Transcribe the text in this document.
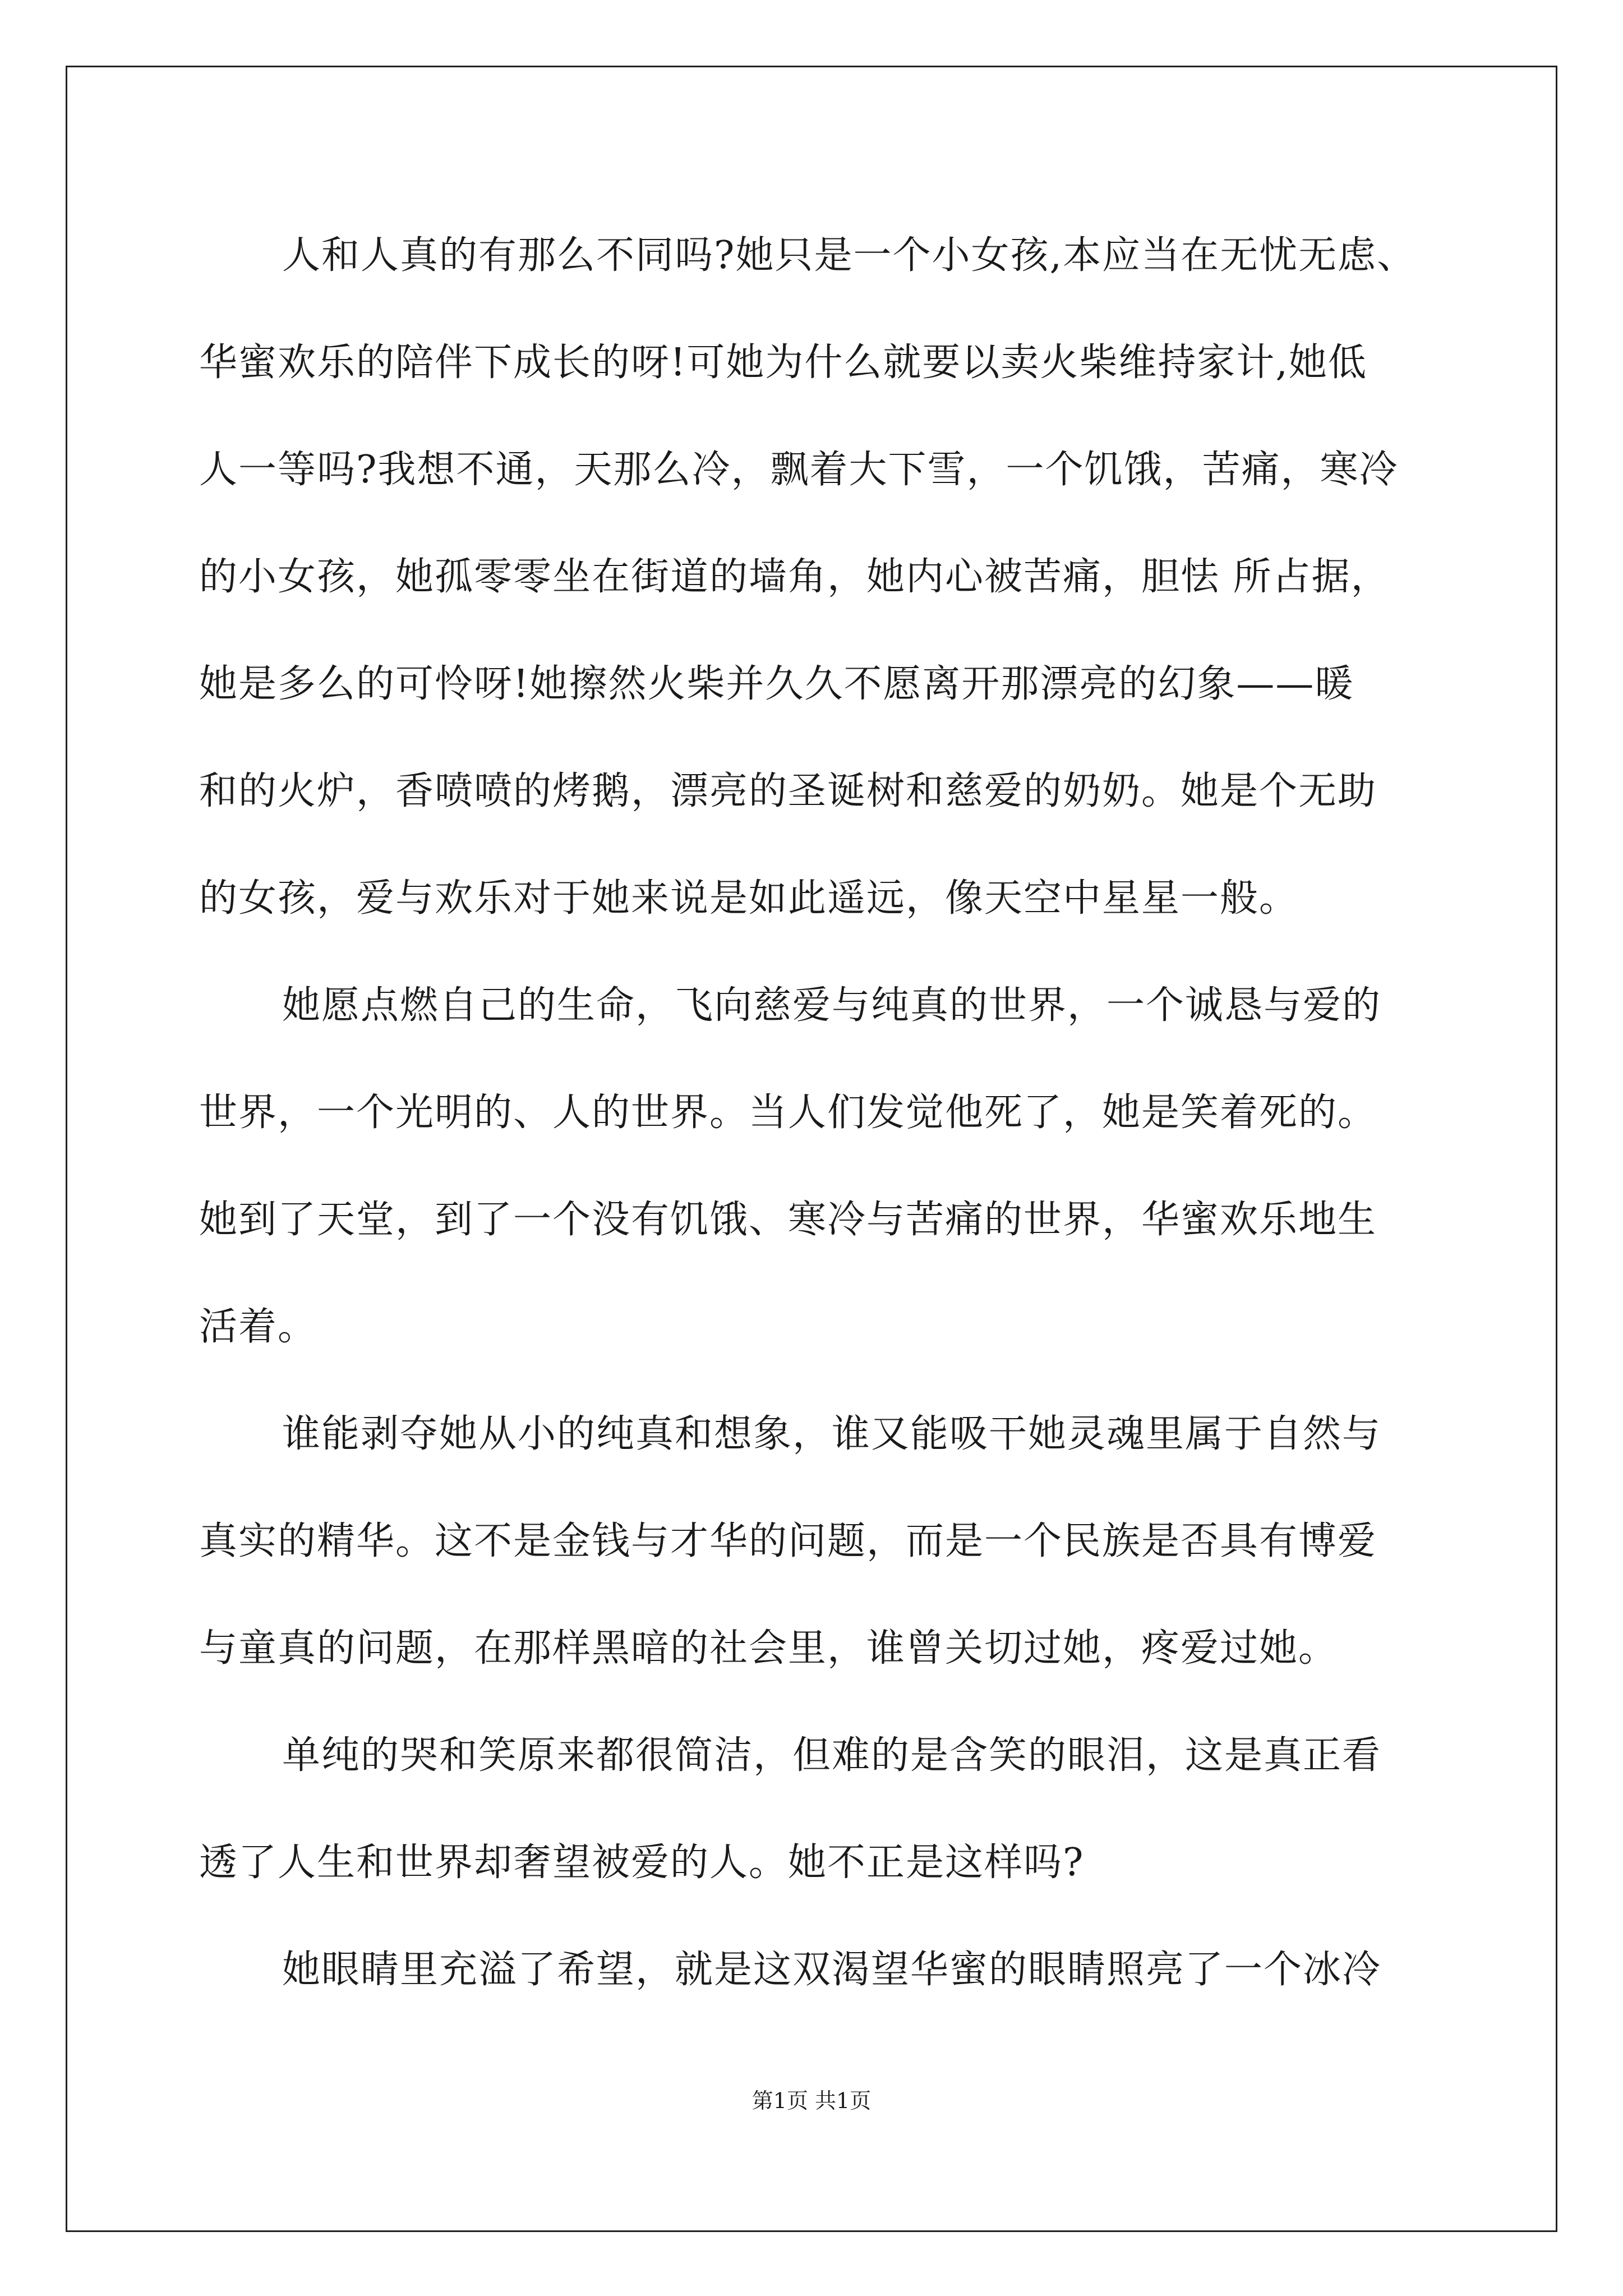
人和人真的有那么不同吗?她只是一个小女孩,本应当在无忧无虑、
华蜜欢乐的陪伴下成长的呀!可她为什么就要以卖火柴维持家计,她低
人一等吗?我想不通，天那么冷，飘着大下雪，一个饥饿，苦痛，寒冷
的小女孩，她孤零零坐在街道的墙角，她内心被苦痛，胆怯 所占据，
她是多么的可怜呀!她擦然火柴并久久不愿离开那漂亮的幻象——暖
和的火炉，香喷喷的烤鹅，漂亮的圣诞树和慈爱的奶奶。她是个无助
的女孩，爱与欢乐对于她来说是如此遥远，像天空中星星一般。
她愿点燃自己的生命，飞向慈爱与纯真的世界，一个诚恳与爱的
世界，一个光明的、人的世界。当人们发觉他死了，她是笑着死的。
她到了天堂，到了一个没有饥饿、寒冷与苦痛的世界，华蜜欢乐地生
活着。
谁能剥夺她从小的纯真和想象，谁又能吸干她灵魂里属于自然与
真实的精华。这不是金钱与才华的问题，而是一个民族是否具有博爱
与童真的问题，在那样黑暗的社会里，谁曾关切过她，疼爱过她。
单纯的哭和笑原来都很简洁，但难的是含笑的眼泪，这是真正看
透了人生和世界却奢望被爱的人。她不正是这样吗?
她眼睛里充溢了希望，就是这双渴望华蜜的眼睛照亮了一个冰冷
第1页 共1页
